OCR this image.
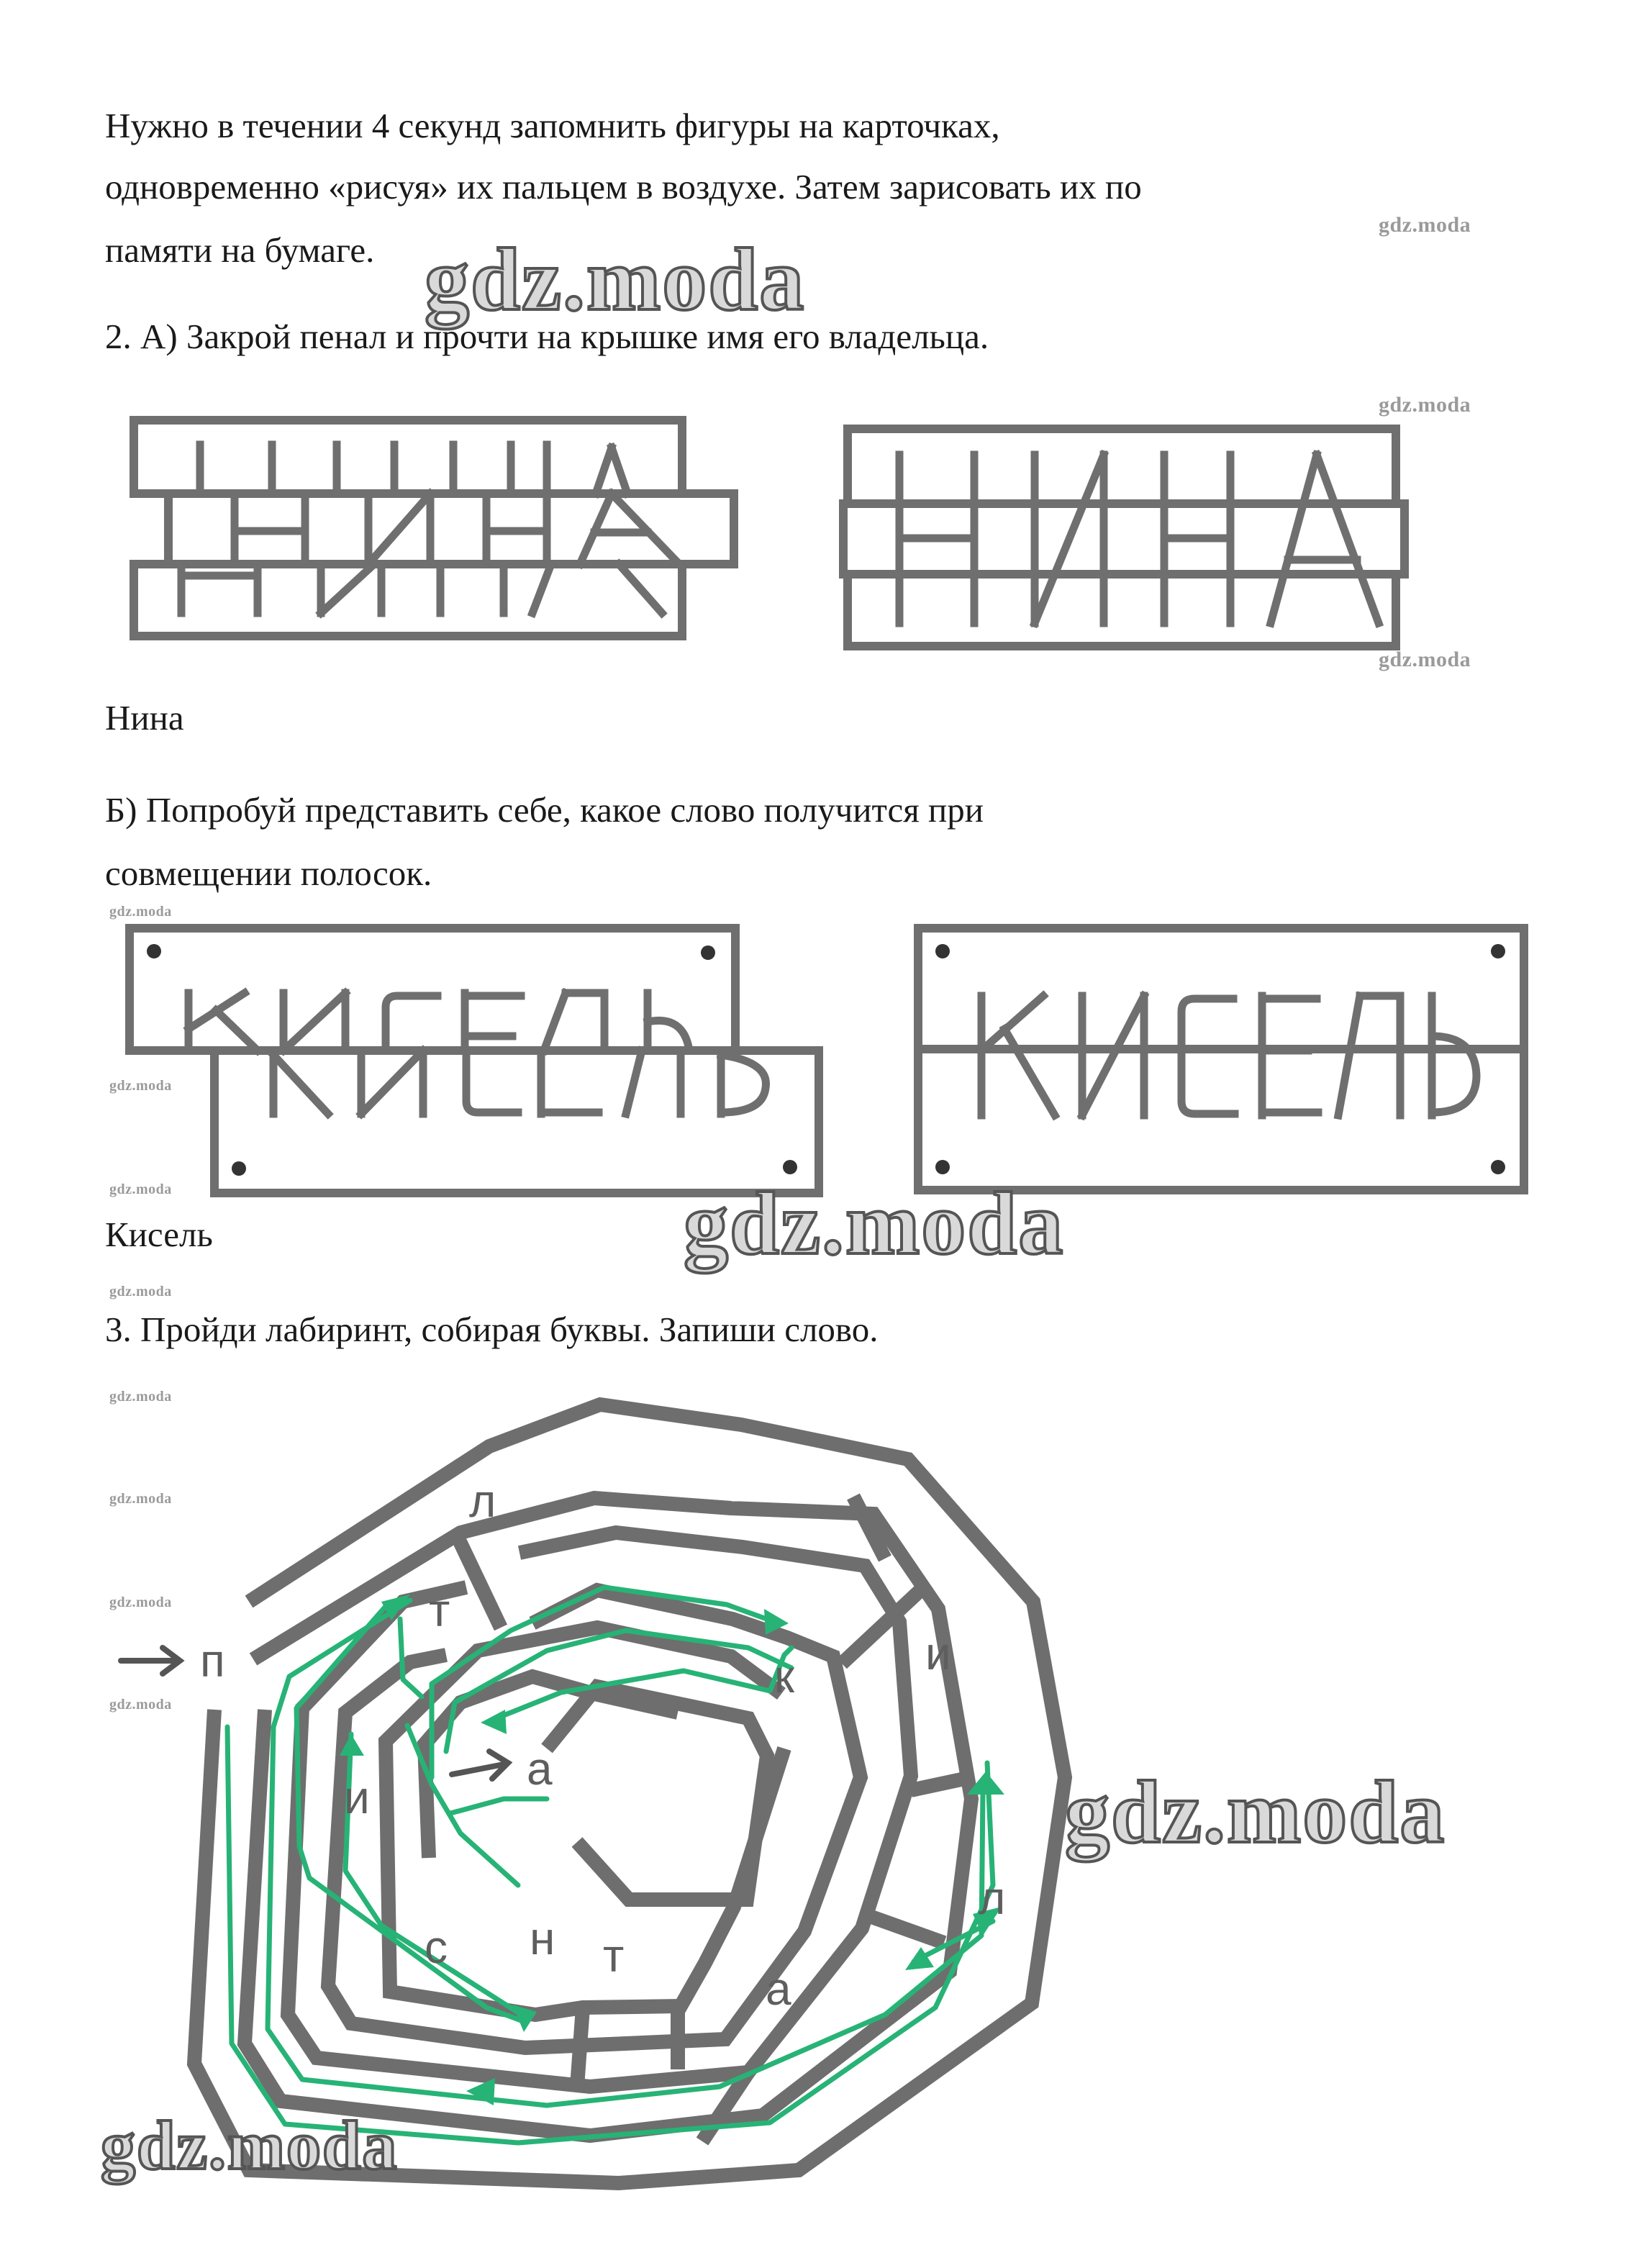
Нужно в течении 4 секунд запомнить фигуры на карточках,
одновременно «рисуя» их пальцем в воздухе. Затем зарисовать их по
памяти на бумаге.
2. А) Закрой пенал и прочти на крышке имя его владельца.
л
т
и
п	к
а
и
л
н т
с
а
Нина
Б) Попробуй представить себе, какое слово получится при
совмещении полосок.
Кисель
3. Пройди лабиринт, собирая буквы. Запиши слово.
gdz.moda
gdz.moda
gdz.moda
gdz.moda
gdz.moda
gdz.moda
gdz.moda
gdz.moda
gdz.moda
gdz.moda
gdz.moda
gdz.moda
gdz.moda
gdz.moda
gdz.moda
